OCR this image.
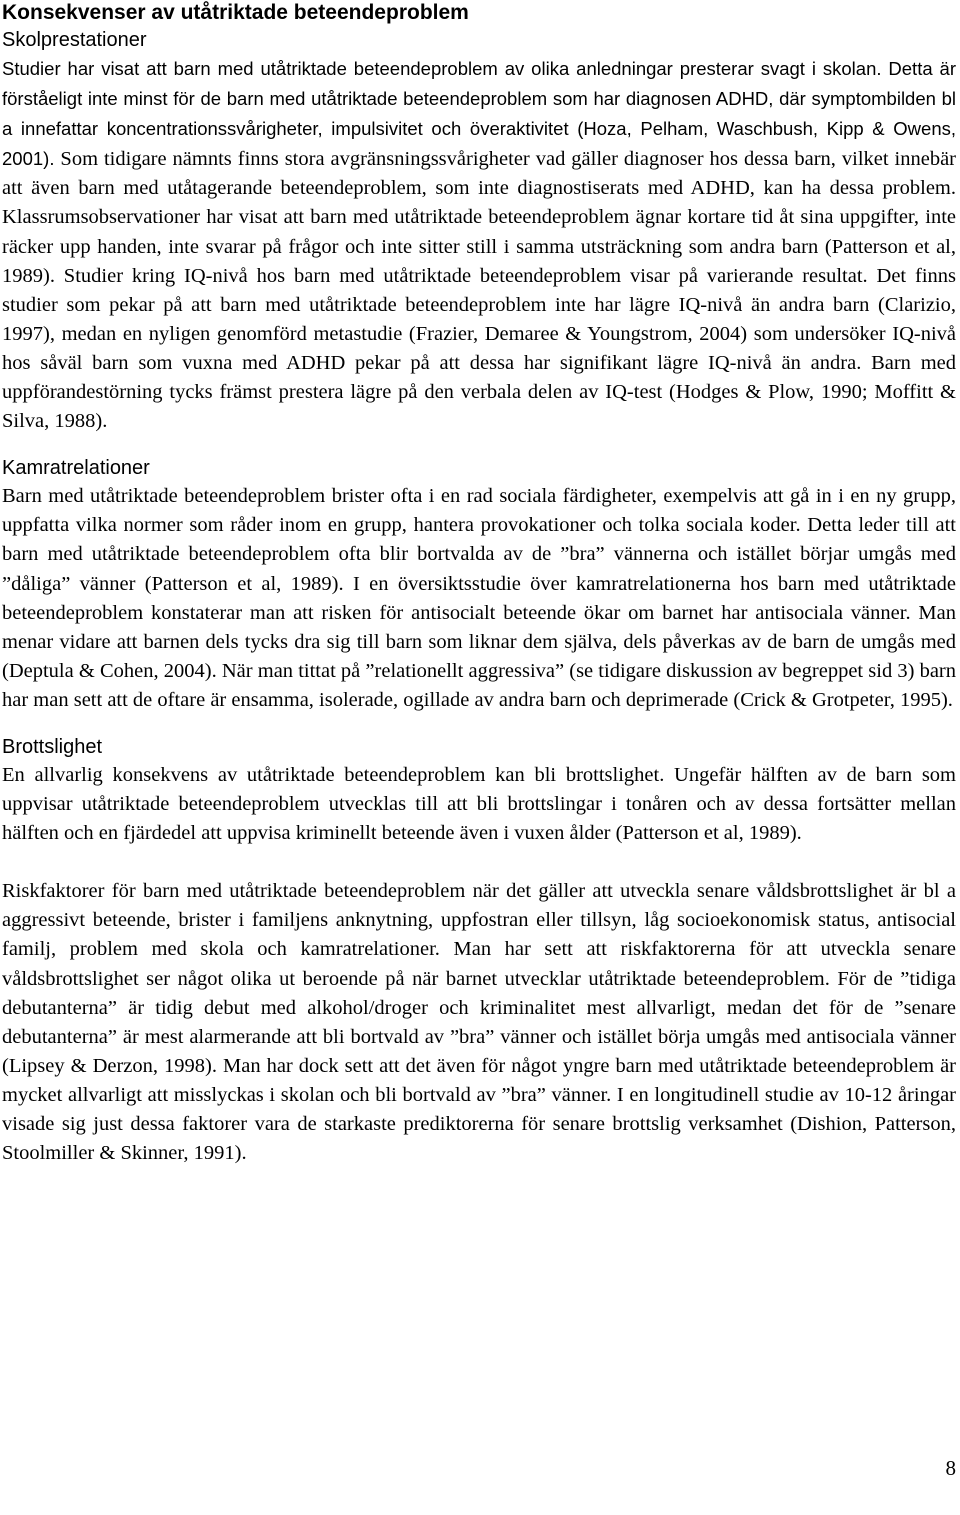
Konsekvenser av utåtriktade beteendeproblem
Skolprestationer

Studier har visat att barn med utåtriktade beteendeproblem av olika anledningar presterar svagt i skolan. Detta är förståeligt inte minst för de barn med utåtriktade beteendeproblem som har diagnosen ADHD, där symptombilden bl a innefattar koncentrationssvårigheter, impulsivitet och överaktivitet (Hoza, Pelham, Waschbush, Kipp & Owens, 2001). Som tidigare nämnts finns stora avgränsningssvårigheter vad gäller diagnoser hos dessa barn, vilket innebär att även barn med utåtagerande beteendeproblem, som inte diagnostiserats med ADHD, kan ha dessa problem. Klassrumsobservationer har visat att barn med utåtriktade beteendeproblem ägnar kortare tid åt sina uppgifter, inte räcker upp handen, inte svarar på frågor och inte sitter still i samma utsträckning som andra barn (Patterson et al, 1989). Studier kring IQ-nivå hos barn med utåtriktade beteendeproblem visar på varierande resultat. Det finns studier som pekar på att barn med utåtriktade beteendeproblem inte har lägre IQ-nivå än andra barn (Clarizio, 1997), medan en nyligen genomförd metastudie (Frazier, Demaree & Youngstrom, 2004) som undersöker IQ-nivå hos såväl barn som vuxna med ADHD pekar på att dessa har signifikant lägre IQ-nivå än andra. Barn med uppförandestörning tycks främst prestera lägre på den verbala delen av IQ-test (Hodges & Plow, 1990; Moffitt & Silva, 1988).

Kamratrelationer

Barn med utåtriktade beteendeproblem brister ofta i en rad sociala färdigheter, exempelvis att gå in i en ny grupp, uppfatta vilka normer som råder inom en grupp, hantera provokationer och tolka sociala koder. Detta leder till att barn med utåtriktade beteendeproblem ofta blir bortvalda av de ”bra” vännerna och istället börjar umgås med ”dåliga” vänner (Patterson et al, 1989). I en översiktsstudie över kamratrelationerna hos barn med utåtriktade beteendeproblem konstaterar man att risken för antisocialt beteende ökar om barnet har antisociala vänner. Man menar vidare att barnen dels tycks dra sig till barn som liknar dem själva, dels påverkas av de barn de umgås med (Deptula & Cohen, 2004). När man tittat på ”relationellt aggressiva” (se tidigare diskussion av begreppet sid 3) barn har man sett att de oftare är ensamma, isolerade, ogillade av andra barn och deprimerade (Crick & Grotpeter, 1995).

Brottslighet

En allvarlig konsekvens av utåtriktade beteendeproblem kan bli brottslighet. Ungefär hälften av de barn som uppvisar utåtriktade beteendeproblem utvecklas till att bli brottslingar i tonåren och av dessa fortsätter mellan hälften och en fjärdedel att uppvisa kriminellt beteende även i vuxen ålder (Patterson et al, 1989).

Riskfaktorer för barn med utåtriktade beteendeproblem när det gäller att utveckla senare våldsbrottslighet är bl a aggressivt beteende, brister i familjens anknytning, uppfostran eller tillsyn, låg socioekonomisk status, antisocial familj, problem med skola och kamratrelationer. Man har sett att riskfaktorerna för att utveckla senare våldsbrottslighet ser något olika ut beroende på när barnet utvecklar utåtriktade beteendeproblem. För de ”tidiga debutanterna” är tidig debut med alkohol/droger och kriminalitet mest allvarligt, medan det för de ”senare debutanterna” är mest alarmerande att bli bortvald av ”bra” vänner och istället börja umgås med antisociala vänner (Lipsey & Derzon, 1998). Man har dock sett att det även för något yngre barn med utåtriktade beteendeproblem är mycket allvarligt att misslyckas i skolan och bli bortvald av ”bra” vänner. I en longitudinell studie av 10-12 åringar visade sig just dessa faktorer vara de starkaste prediktorerna för senare brottslig verksamhet (Dishion, Patterson, Stoolmiller & Skinner, 1991).

8
